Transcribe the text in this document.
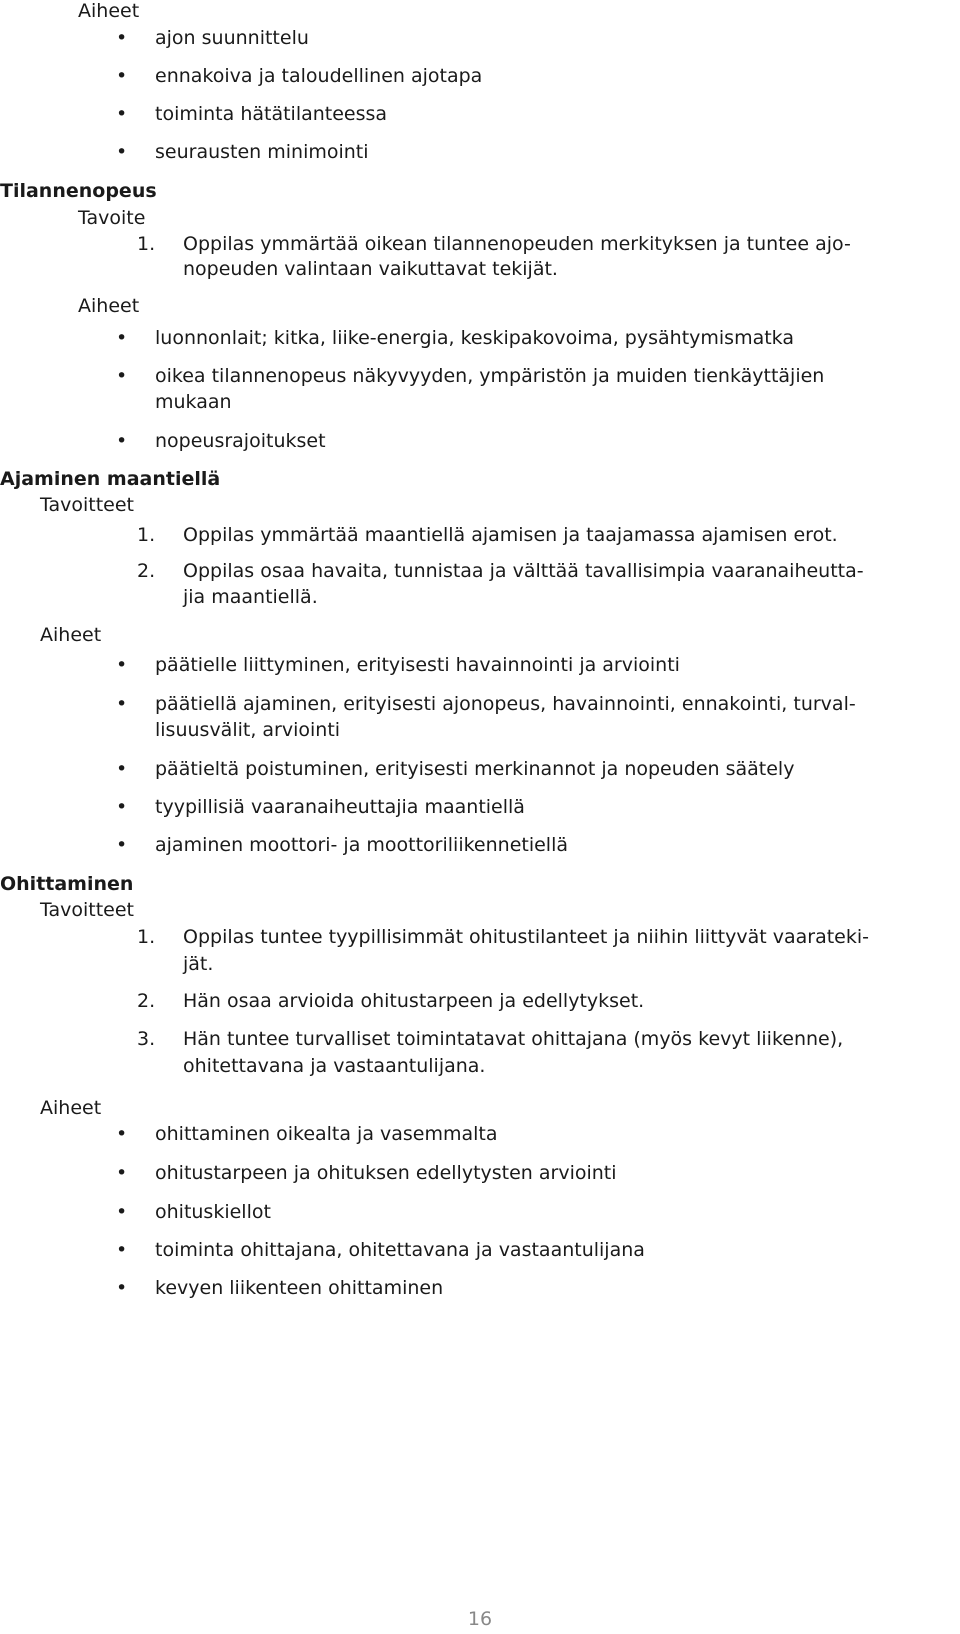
Aiheet
• ajon suunnittelu
• ennakoiva ja taloudellinen ajotapa
• toiminta hätätilanteessa
• seurausten minimointi
Tilannenopeus
Tavoite
1. Oppilas ymmärtää oikean tilannenopeuden merkityksen ja tuntee ajo-
nopeuden valintaan vaikuttavat tekijät.
Aiheet
• luonnonlait; kitka, liike-energia, keskipakovoima, pysähtymismatka
• oikea tilannenopeus näkyvyyden, ympäristön ja muiden tienkäyttäjien
mukaan
• nopeusrajoitukset
Ajaminen maantiellä
Tavoitteet
1. Oppilas ymmärtää maantiellä ajamisen ja taajamassa ajamisen erot.
2. Oppilas osaa havaita, tunnistaa ja välttää tavallisimpia vaaranaiheutta-
jia maantiellä.
Aiheet
• päätielle liittyminen, erityisesti havainnointi ja arviointi
• päätiellä ajaminen, erityisesti ajonopeus, havainnointi, ennakointi, turval-
lisuusvälit, arviointi
• päätieltä poistuminen, erityisesti merkinannot ja nopeuden säätely
• tyypillisiä vaaranaiheuttajia maantiellä
• ajaminen moottori- ja moottoriliikennetiellä
Ohittaminen
Tavoitteet
1. Oppilas tuntee tyypillisimmät ohitustilanteet ja niihin liittyvät vaarateki-
jät.
2. Hän osaa arvioida ohitustarpeen ja edellytykset.
3. Hän tuntee turvalliset toimintatavat ohittajana (myös kevyt liikenne),
ohitettavana ja vastaantulijana.
Aiheet
• ohittaminen oikealta ja vasemmalta
• ohitustarpeen ja ohituksen edellytysten arviointi
• ohituskiellot
• toiminta ohittajana, ohitettavana ja vastaantulijana
• kevyen liikenteen ohittaminen
16
